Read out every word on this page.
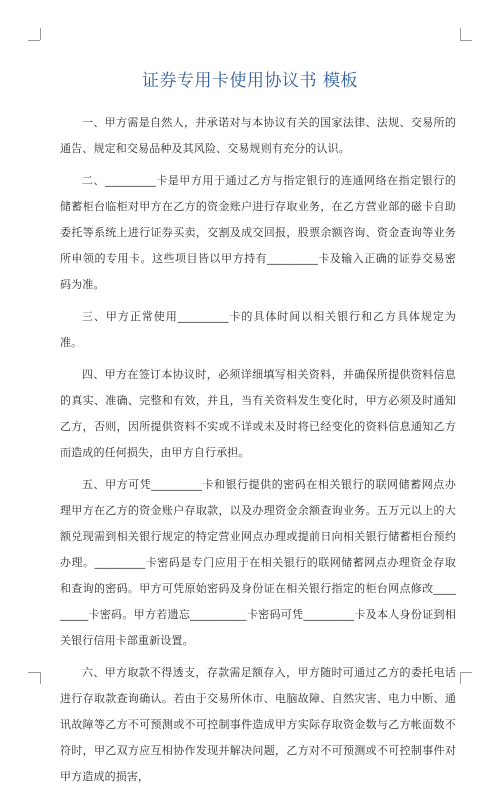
证券专用卡使用协议书 模板

一、甲方需是自然人，并承诺对与本协议有关的国家法律、法规、交易所的通告、规定和交易品种及其风险、交易规则有充分的认识。

二、_________卡是甲方用于通过乙方与指定银行的连通网络在指定银行的储蓄柜台临柜对甲方在乙方的资金账户进行存取业务，在乙方营业部的磁卡自助委托等系统上进行证券买卖，交割及成交回报，股票余额咨询、资金查询等业务所申领的专用卡。这些项目皆以甲方持有_________卡及输入正确的证券交易密码为准。

三、甲方正常使用_________卡的具体时间以相关银行和乙方具体规定为准。

四、甲方在签订本协议时，必须详细填写相关资料，并确保所提供资料信息的真实、准确、完整和有效，并且，当有关资料发生变化时，甲方必须及时通知乙方，否则，因所提供资料不实或不详或未及时将已经变化的资料信息通知乙方而造成的任何损失，由甲方自行承担。

五、甲方可凭_________卡和银行提供的密码在相关银行的联网储蓄网点办理甲方在乙方的资金账户存取款，以及办理资金余额查询业务。五万元以上的大额兑现需到相关银行规定的特定营业网点办理或提前日向相关银行储蓄柜台预约办理。_________卡密码是专门应用于在相关银行的联网储蓄网点办理资金存取和查询的密码。甲方可凭原始密码及身份证在相关银行指定的柜台网点修改_________卡密码。甲方若遗忘__________卡密码可凭_________卡及本人身份证到相关银行信用卡部重新设置。

六、甲方取款不得透支，存款需足额存入，甲方随时可通过乙方的委托电话进行存取款查询确认。若由于交易所休市、电脑故障、自然灾害、电力中断、通讯故障等乙方不可预测或不可控制事件造成甲方实际存取资金数与乙方帐面数不符时，甲乙双方应互相协作发现并解决问题，乙方对不可预测或不可控制事件对甲方造成的损害，
